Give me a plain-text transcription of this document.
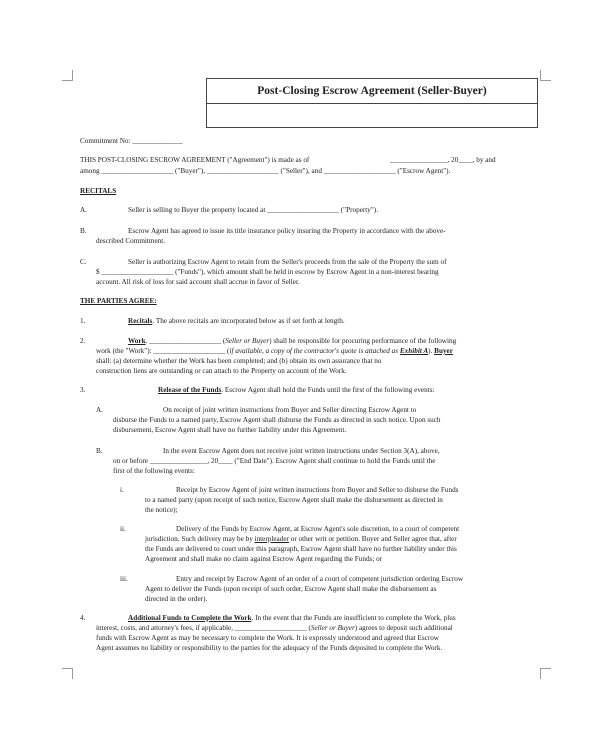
Post-Closing Escrow Agreement (Seller-Buyer)
Commitment No: ______________
THIS POST-CLOSING ESCROW AGREEMENT ("Agreement") is made as of	________________, 20____, by and
among ____________________ ("Buyer"), ____________________ ("Seller"), and ____________________ ("Escrow Agent").
RECITALS
A.	Seller is selling to Buyer the property located at ____________________ ("Property").
B.	Escrow Agent has agreed to issue its title insurance policy insuring the Property in accordance with the above-
described Commitment.
C.	Seller is authorizing Escrow Agent to retain from the Seller's proceeds from the sale of the Property the sum of
$ ____________________ ("Funds"), which amount shall be held in escrow by Escrow Agent in a non-interest bearing
account. All risk of loss for said account shall accrue in favor of Seller.
THE PARTIES AGREE:
1.	Recitals. The above recitals are incorporated below as if set forth at length.
2.	Work. ____________________ (Seller or Buyer) shall be responsible for procuring performance of the following
work (the "Work"): ____________________ (if available, a copy of the contractor's quote is attached as Exhibit A). Buyer
shall: (a) determine whether the Work has been completed; and (b) obtain its own assurance that no
construction liens are outstanding or can attach to the Property on account of the Work.
3.	Release of the Funds. Escrow Agent shall hold the Funds until the first of the following events:
A.	On receipt of joint written instructions from Buyer and Seller directing Escrow Agent to
disburse the Funds to a named party, Escrow Agent shall disburse the Funds as directed in such notice. Upon such
disbursement, Escrow Agent shall have no further liability under this Agreement.
B.	In the event Escrow Agent does not receive joint written instructions under Section 3(A), above,
on or before ________________, 20____ ("End Date"). Escrow Agent shall continue to hold the Funds until the
first of the following events:
i.	Receipt by Escrow Agent of joint written instructions from Buyer and Seller to disburse the Funds
to a named party (upon receipt of such notice, Escrow Agent shall make the disbursement as directed in
the notice);
ii.	Delivery of the Funds by Escrow Agent, at Escrow Agent's sole discretion, to a court of competent
jurisdiction. Such delivery may be by interpleader or other writ or petition. Buyer and Seller agree that, after
the Funds are delivered to court under this paragraph, Escrow Agent shall have no further liability under this
Agreement and shall make no claim against Escrow Agent regarding the Funds; or
iii.	Entry and receipt by Escrow Agent of an order of a court of competent jurisdiction ordering Escrow
Agent to deliver the Funds (upon receipt of such order, Escrow Agent shall make the disbursement as
directed in the order).
4.	Additional Funds to Complete the Work. In the event that the Funds are insufficient to complete the Work, plus
interest, costs, and attorney's fees, if applicable, ____________________ (Seller or Buyer) agrees to deposit such additional
funds with Escrow Agent as may be necessary to complete the Work. It is expressly understood and agreed that Escrow
Agent assumes no liability or responsibility to the parties for the adequacy of the Funds deposited to complete the Work.
